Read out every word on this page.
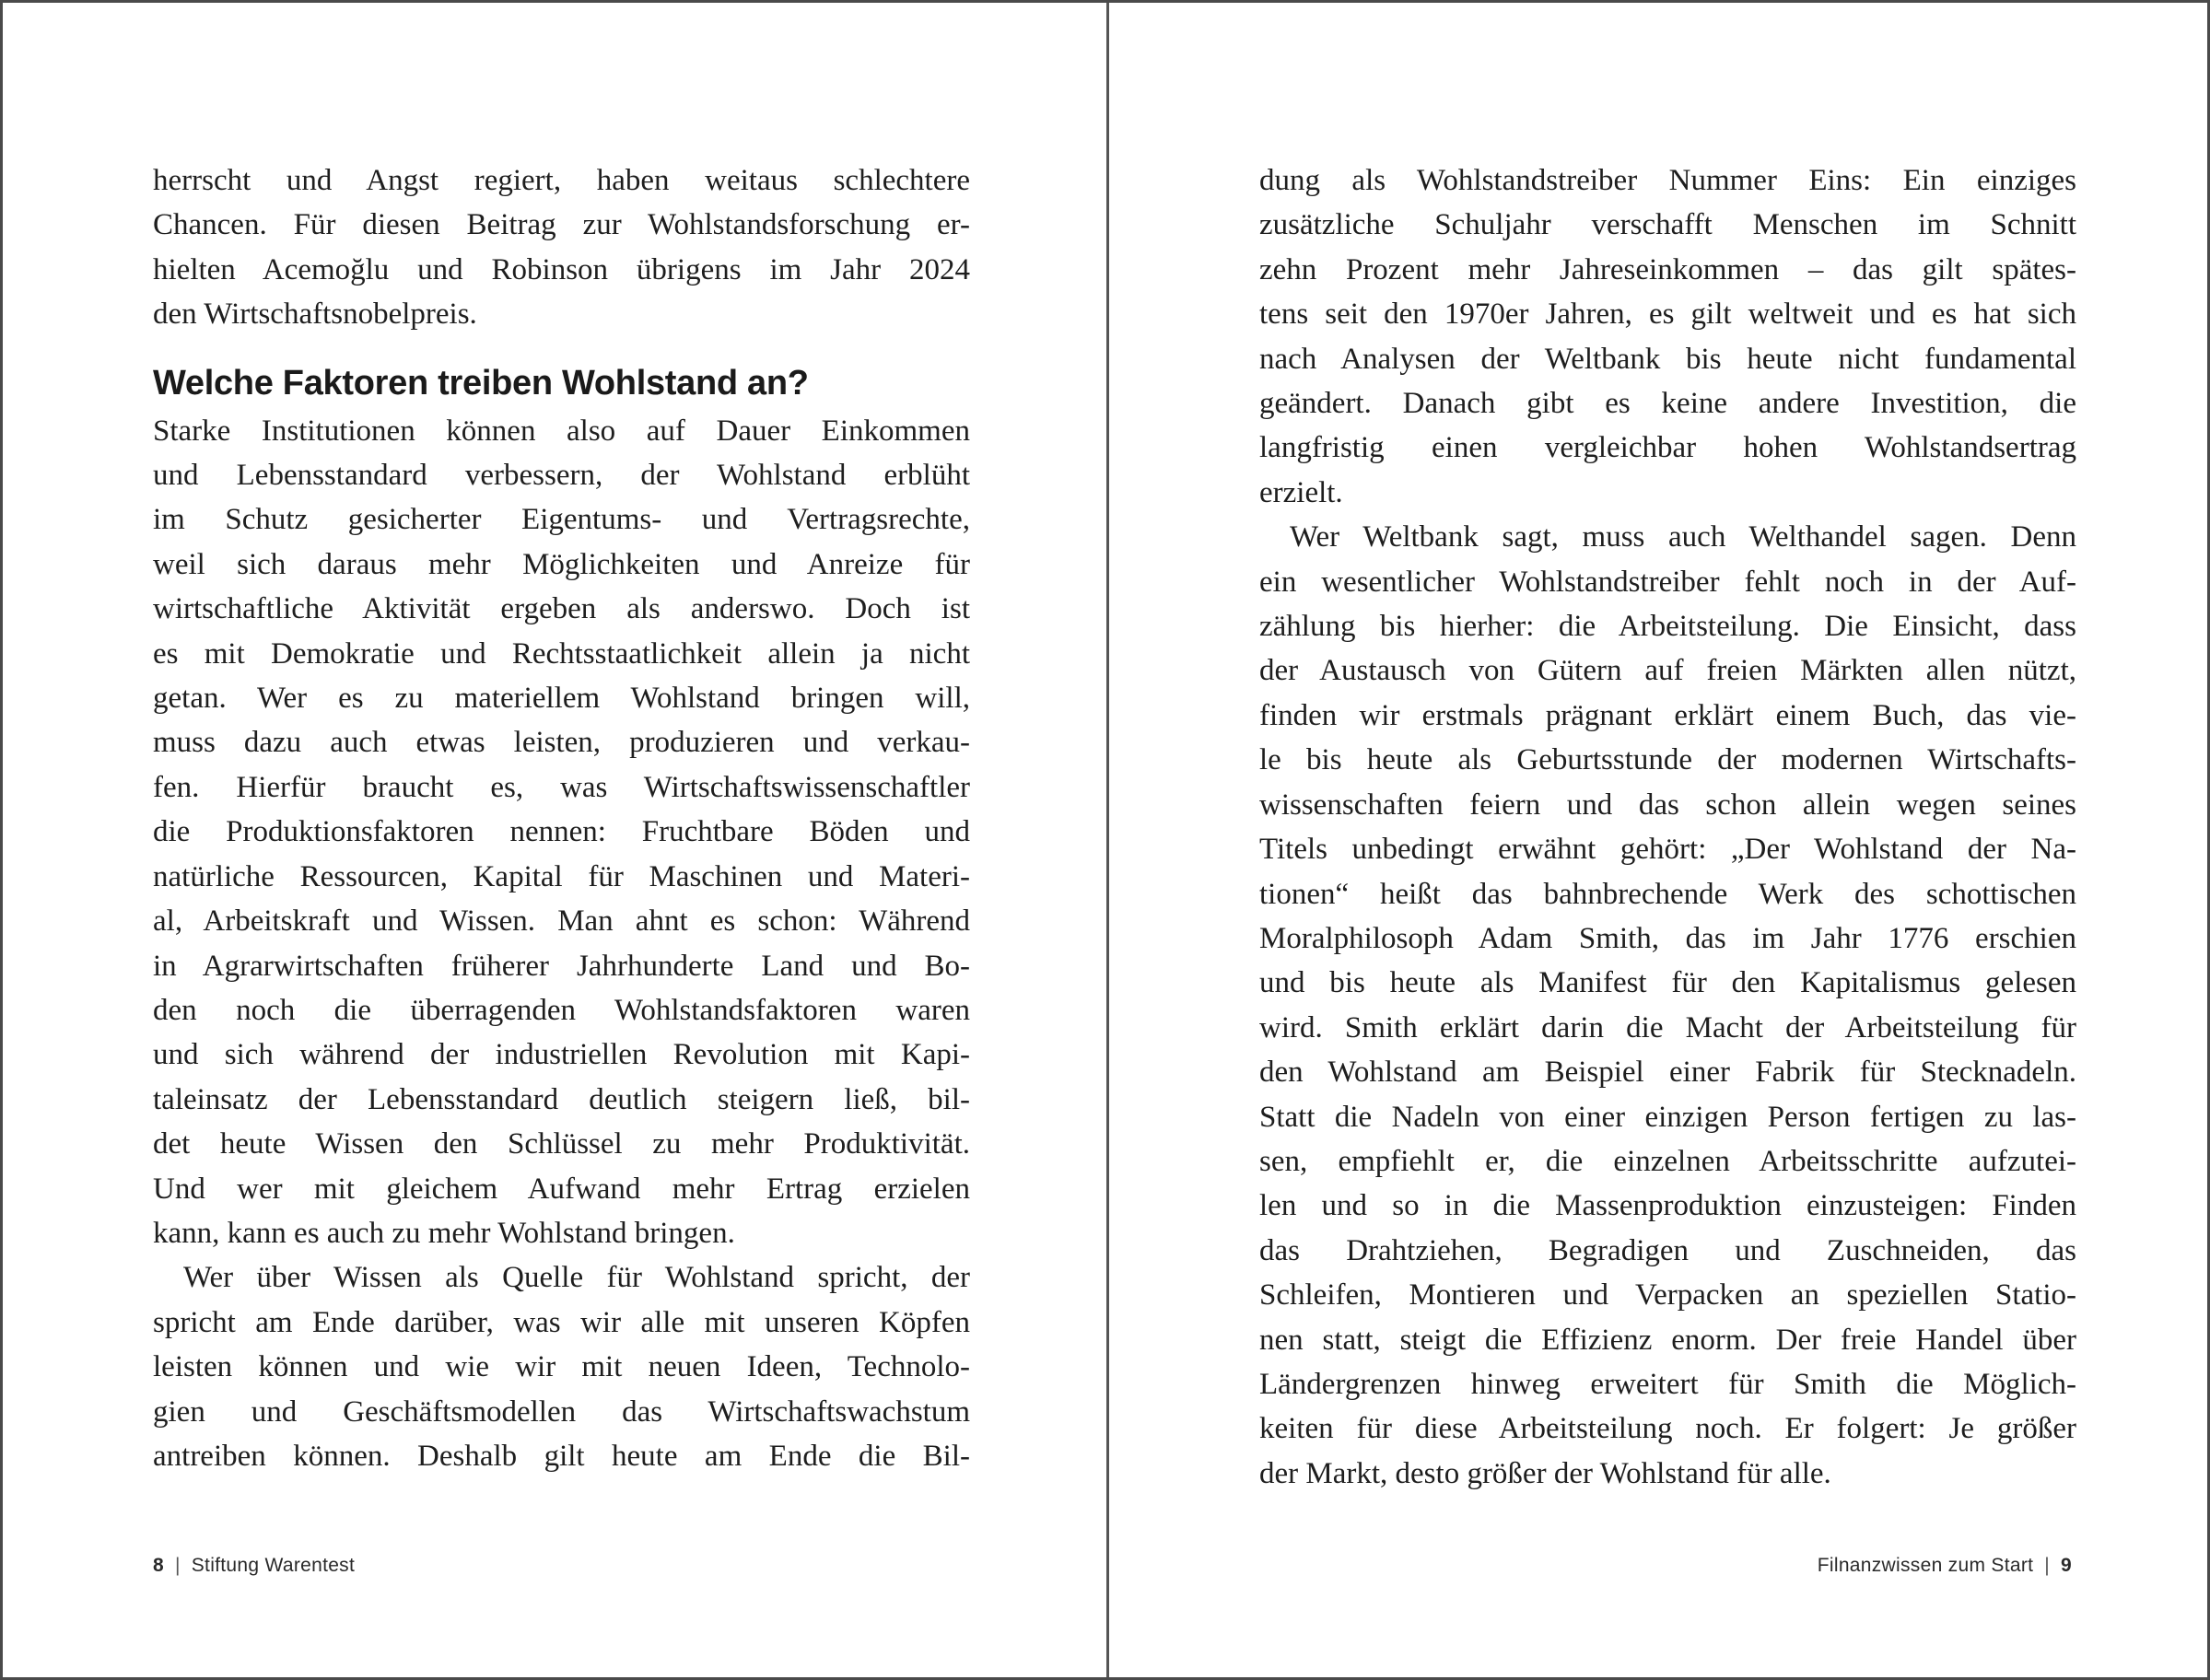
herrscht und Angst regiert, haben weitaus schlechtere
Chancen. Für diesen Beitrag zur Wohlstandsforschung er-
hielten Acemoğlu und Robinson übrigens im Jahr 2024
den Wirtschaftsnobelpreis.
Welche Faktoren treiben Wohlstand an?
Starke Institutionen können also auf Dauer Einkommen
und Lebensstandard verbessern, der Wohlstand erblüht
im Schutz gesicherter Eigentums- und Vertragsrechte,
weil sich daraus mehr Möglichkeiten und Anreize für
wirtschaftliche Aktivität ergeben als anderswo. Doch ist
es mit Demokratie und Rechtsstaatlichkeit allein ja nicht
getan. Wer es zu materiellem Wohlstand bringen will,
muss dazu auch etwas leisten, produzieren und verkau-
fen. Hierfür braucht es, was Wirtschaftswissenschaftler
die Produktionsfaktoren nennen: Fruchtbare Böden und
natürliche Ressourcen, Kapital für Maschinen und Materi-
al, Arbeitskraft und Wissen. Man ahnt es schon: Während
in Agrarwirtschaften früherer Jahrhunderte Land und Bo-
den noch die überragenden Wohlstandsfaktoren waren
und sich während der industriellen Revolution mit Kapi-
taleinsatz der Lebensstandard deutlich steigern ließ, bil-
det heute Wissen den Schlüssel zu mehr Produktivität.
Und wer mit gleichem Aufwand mehr Ertrag erzielen
kann, kann es auch zu mehr Wohlstand bringen.
Wer über Wissen als Quelle für Wohlstand spricht, der
spricht am Ende darüber, was wir alle mit unseren Köpfen
leisten können und wie wir mit neuen Ideen, Technolo-
gien und Geschäftsmodellen das Wirtschaftswachstum
antreiben können. Deshalb gilt heute am Ende die Bil-
8 | Stiftung Warentest
dung als Wohlstandstreiber Nummer Eins: Ein einziges
zusätzliche Schuljahr verschafft Menschen im Schnitt
zehn Prozent mehr Jahreseinkommen – das gilt spätes-
tens seit den 1970er Jahren, es gilt weltweit und es hat sich
nach Analysen der Weltbank bis heute nicht fundamental
geändert. Danach gibt es keine andere Investition, die
langfristig einen vergleichbar hohen Wohlstandsertrag
erzielt.
Wer Weltbank sagt, muss auch Welthandel sagen. Denn
ein wesentlicher Wohlstandstreiber fehlt noch in der Auf-
zählung bis hierher: die Arbeitsteilung. Die Einsicht, dass
der Austausch von Gütern auf freien Märkten allen nützt,
finden wir erstmals prägnant erklärt einem Buch, das vie-
le bis heute als Geburtsstunde der modernen Wirtschafts-
wissenschaften feiern und das schon allein wegen seines
Titels unbedingt erwähnt gehört: „Der Wohlstand der Na-
tionen“ heißt das bahnbrechende Werk des schottischen
Moralphilosoph Adam Smith, das im Jahr 1776 erschien
und bis heute als Manifest für den Kapitalismus gelesen
wird. Smith erklärt darin die Macht der Arbeitsteilung für
den Wohlstand am Beispiel einer Fabrik für Stecknadeln.
Statt die Nadeln von einer einzigen Person fertigen zu las-
sen, empfiehlt er, die einzelnen Arbeitsschritte aufzutei-
len und so in die Massenproduktion einzusteigen: Finden
das Drahtziehen, Begradigen und Zuschneiden, das
Schleifen, Montieren und Verpacken an speziellen Statio-
nen statt, steigt die Effizienz enorm. Der freie Handel über
Ländergrenzen hinweg erweitert für Smith die Möglich-
keiten für diese Arbeitsteilung noch. Er folgert: Je größer
der Markt, desto größer der Wohlstand für alle.
Filnanzwissen zum Start | 9
